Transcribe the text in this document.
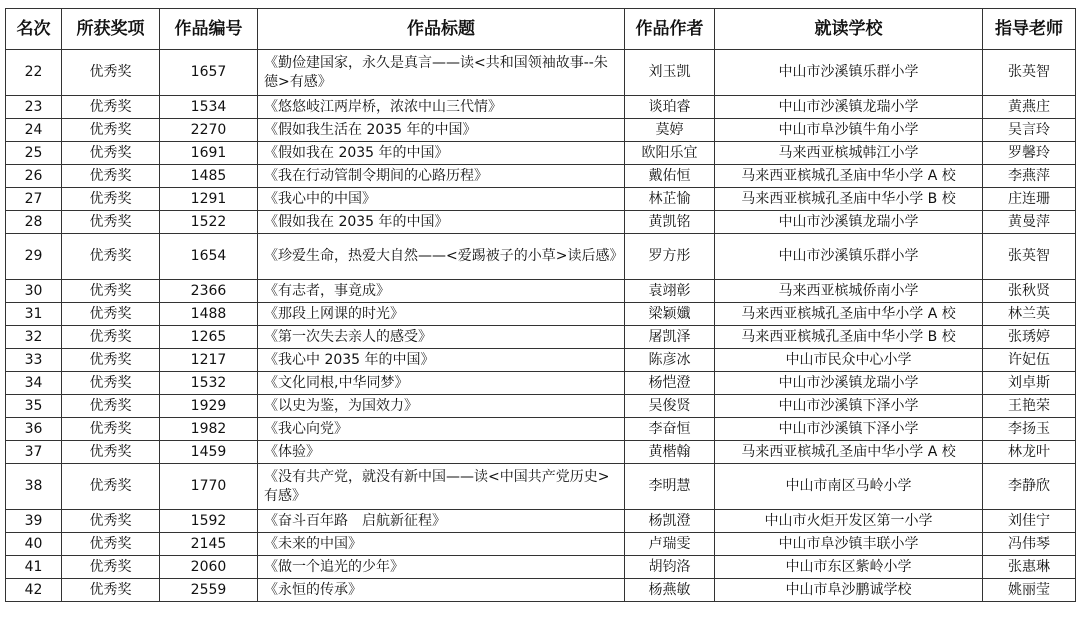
名次	所获奖项	作品编号	作品标题	作品作者	就读学校	指导老师
22	优秀奖	1657	《勤俭建国家，永久是真言——读<共和国领袖故事--朱德>有感》	刘玉凯	中山市沙溪镇乐群小学	张英智
23	优秀奖	1534	《悠悠岐江两岸桥，浓浓中山三代情》	谈珀睿	中山市沙溪镇龙瑞小学	黄燕庄
24	优秀奖	2270	《假如我生活在 2035 年的中国》	莫婷	中山市阜沙镇牛角小学	吴言玲
25	优秀奖	1691	《假如我在 2035 年的中国》	欧阳乐宜	马来西亚槟城韩江小学	罗馨玲
26	优秀奖	1485	《我在行动管制令期间的心路历程》	戴佑恒	马来西亚槟城孔圣庙中华小学 A 校	李燕萍
27	优秀奖	1291	《我心中的中国》	林芷愉	马来西亚槟城孔圣庙中华小学 B 校	庄连珊
28	优秀奖	1522	《假如我在 2035 年的中国》	黄凯铭	中山市沙溪镇龙瑞小学	黄曼萍
29	优秀奖	1654	《珍爱生命，热爱大自然——<爱踢被子的小草>读后感》	罗方彤	中山市沙溪镇乐群小学	张英智
30	优秀奖	2366	《有志者，事竟成》	袁翊彰	马来西亚槟城侨南小学	张秋贤
31	优秀奖	1488	《那段上网课的时光》	梁颖孅	马来西亚槟城孔圣庙中华小学 A 校	林兰英
32	优秀奖	1265	《第一次失去亲人的感受》	屠凯泽	马来西亚槟城孔圣庙中华小学 B 校	张琇婷
33	优秀奖	1217	《我心中 2035 年的中国》	陈彦冰	中山市民众中心小学	许妃伍
34	优秀奖	1532	《文化同根,中华同梦》	杨恺澄	中山市沙溪镇龙瑞小学	刘卓斯
35	优秀奖	1929	《以史为鉴，为国效力》	吴俊贤	中山市沙溪镇下泽小学	王艳荣
36	优秀奖	1982	《我心向党》	李奋恒	中山市沙溪镇下泽小学	李扬玉
37	优秀奖	1459	《体验》	黄楷翰	马来西亚槟城孔圣庙中华小学 A 校	林龙叶
38	优秀奖	1770	《没有共产党，就没有新中国——读<中国共产党历史>有感》	李明慧	中山市南区马岭小学	李静欣
39	优秀奖	1592	《奋斗百年路　启航新征程》	杨凯澄	中山市火炬开发区第一小学	刘佳宁
40	优秀奖	2145	《未来的中国》	卢瑞雯	中山市阜沙镇丰联小学	冯伟琴
41	优秀奖	2060	《做一个追光的少年》	胡钧洛	中山市东区紫岭小学	张惠琳
42	优秀奖	2559	《永恒的传承》	杨燕敏	中山市阜沙鹏诚学校	姚丽莹
